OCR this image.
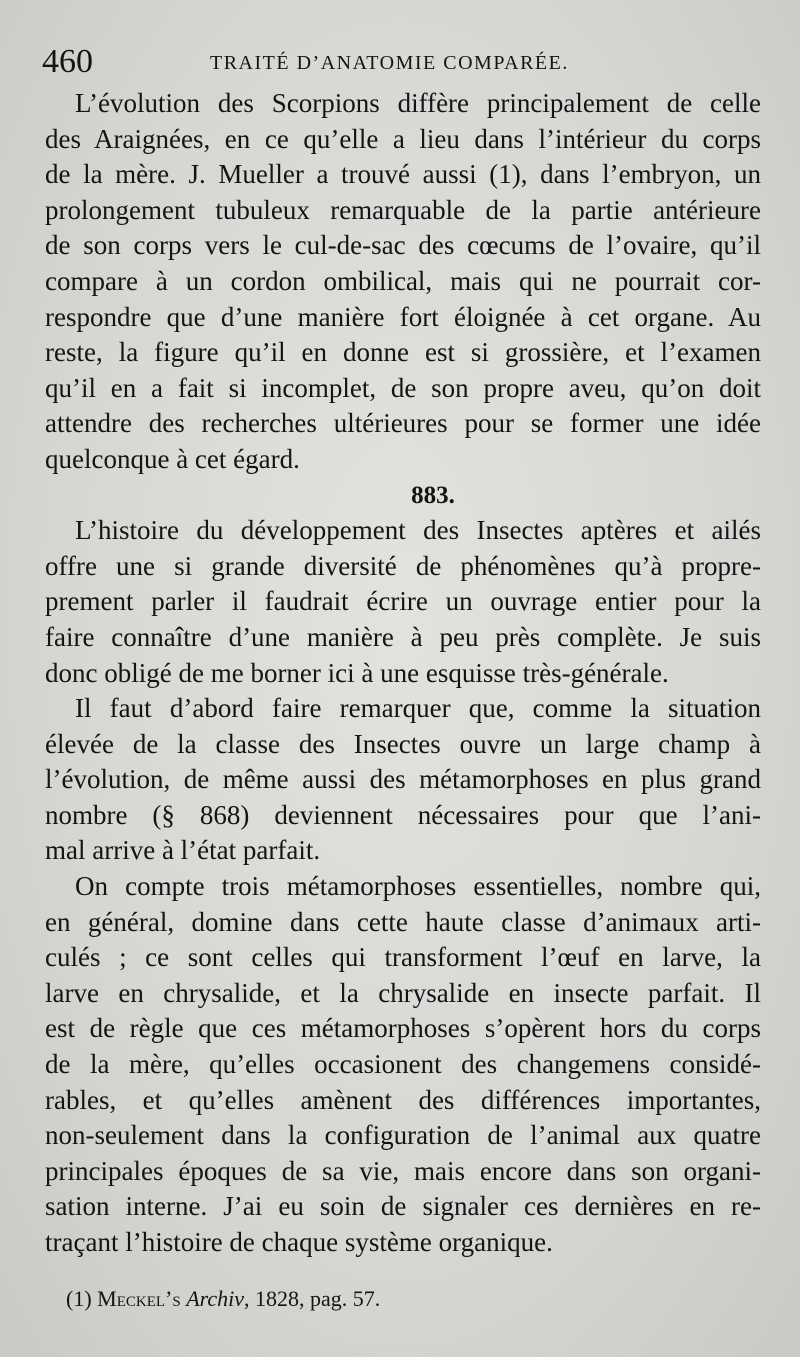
460	TRAITÉ D’ANATOMIE COMPARÉE.
L’évolution des Scorpions diffère principalement de celle
des Araignées, en ce qu’elle a lieu dans l’intérieur du corps
de la mère. J. Mueller a trouvé aussi (1), dans l’embryon, un
prolongement tubuleux remarquable de la partie antérieure
de son corps vers le cul-de-sac des cœcums de l’ovaire, qu’il
compare à un cordon ombilical, mais qui ne pourrait cor-
respondre que d’une manière fort éloignée à cet organe. Au
reste, la figure qu’il en donne est si grossière, et l’examen
qu’il en a fait si incomplet, de son propre aveu, qu’on doit
attendre des recherches ultérieures pour se former une idée
quelconque à cet égard.
883.
L’histoire du développement des Insectes aptères et ailés
offre une si grande diversité de phénomènes qu’à propre-
prement parler il faudrait écrire un ouvrage entier pour la
faire connaître d’une manière à peu près complète. Je suis
donc obligé de me borner ici à une esquisse très-générale.
Il faut d’abord faire remarquer que, comme la situation
élevée de la classe des Insectes ouvre un large champ à
l’évolution, de même aussi des métamorphoses en plus grand
nombre (§ 868) deviennent nécessaires pour que l’ani-
mal arrive à l’état parfait.
On compte trois métamorphoses essentielles, nombre qui,
en général, domine dans cette haute classe d’animaux arti-
culés ; ce sont celles qui transforment l’œuf en larve, la
larve en chrysalide, et la chrysalide en insecte parfait. Il
est de règle que ces métamorphoses s’opèrent hors du corps
de la mère, qu’elles occasionent des changemens considé-
rables, et qu’elles amènent des différences importantes,
non-seulement dans la configuration de l’animal aux quatre
principales époques de sa vie, mais encore dans son organi-
sation interne. J’ai eu soin de signaler ces dernières en re-
traçant l’histoire de chaque système organique.
(1) Meckel’s Archiv, 1828, pag. 57.
